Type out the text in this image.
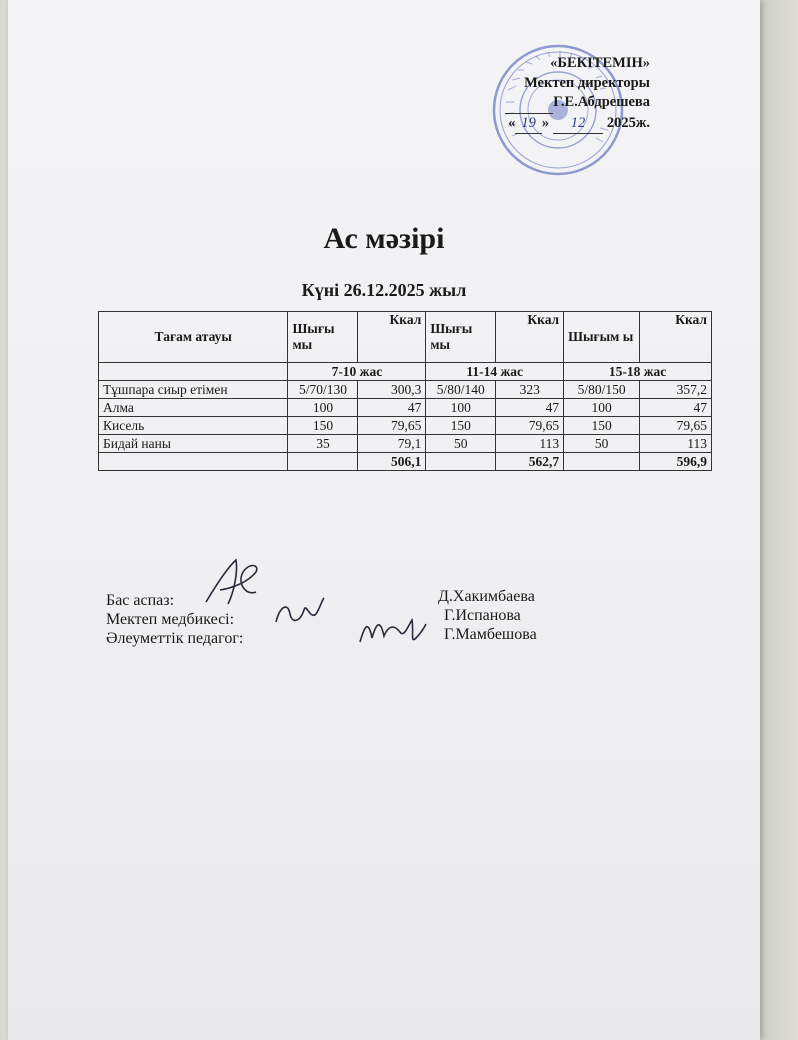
«БЕКІТЕМІН»
Мектеп директоры
Г.Е.Абдрешева
« 19 » 12 2025ж.
Ас мәзірі
Күні 26.12.2025 жыл
Тағам атауы	Шығы мы	Ккал	Шығы мы	Ккал	Шығым ы	Ккал
	7-10 жас		11-14 жас		15-18 жас	
Тұшпара сиыр етімен	5/70/130	300,3	5/80/140	323	5/80/150	357,2
Алма	100	47	100	47	100	47
Кисель	150	79,65	150	79,65	150	79,65
Бидай наны	35	79,1	50	113	50	113
		506,1		562,7		596,9
Бас аспаз:
Мектеп медбикесі:
Әлеуметтік педагог:
Д.Хакимбаева
Г.Испанова
Г.Мамбешова
